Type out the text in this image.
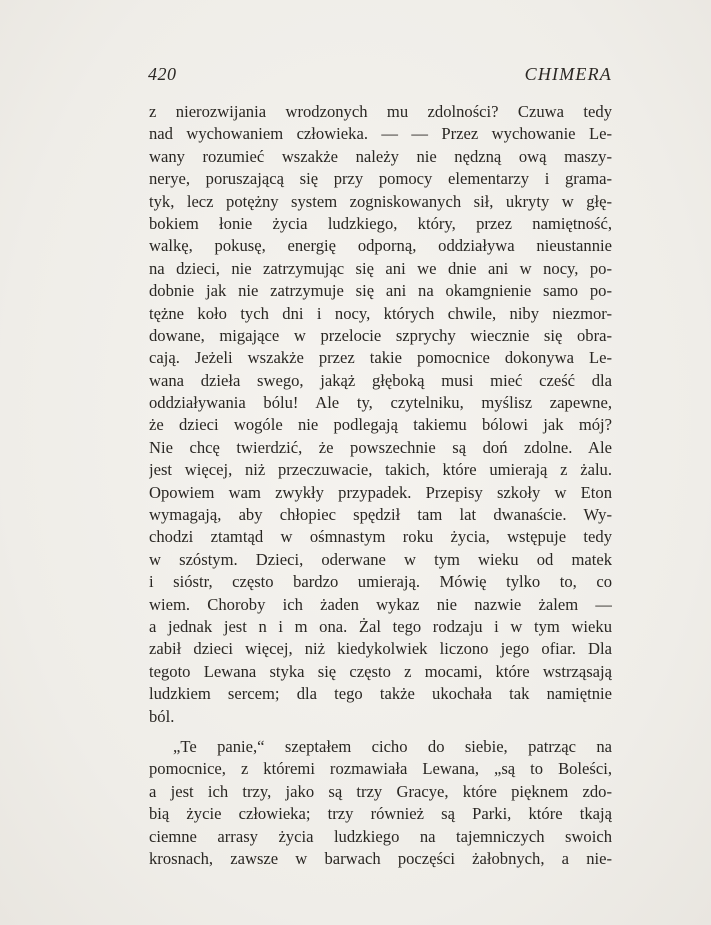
420	CHIMERA
z nierozwijania wrodzonych mu zdolności? Czuwa tedy
nad wychowaniem człowieka. — — Przez wychowanie Le-
wany rozumieć wszakże należy nie nędzną ową maszy-
nerye, poruszającą się przy pomocy elementarzy i grama-
tyk, lecz potężny system zogniskowanych sił, ukryty w głę-
bokiem łonie życia ludzkiego, który, przez namiętność,
walkę, pokusę, energię odporną, oddziaływa nieustannie
na dzieci, nie zatrzymując się ani we dnie ani w nocy, po-
dobnie jak nie zatrzymuje się ani na okamgnienie samo po-
tężne koło tych dni i nocy, których chwile, niby niezmor-
dowane, migające w przelocie szprychy wiecznie się obra-
cają. Jeżeli wszakże przez takie pomocnice dokonywa Le-
wana dzieła swego, jakąż głęboką musi mieć cześć dla
oddziaływania bólu! Ale ty, czytelniku, myślisz zapewne,
że dzieci wogóle nie podlegają takiemu bólowi jak mój?
Nie chcę twierdzić, że powszechnie są doń zdolne. Ale
jest więcej, niż przeczuwacie, takich, które umierają z żalu.
Opowiem wam zwykły przypadek. Przepisy szkoły w Eton
wymagają, aby chłopiec spędził tam lat dwanaście. Wy-
chodzi ztamtąd w ośmnastym roku życia, wstępuje tedy
w szóstym. Dzieci, oderwane w tym wieku od matek
i sióstr, często bardzo umierają. Mówię tylko to, co
wiem. Choroby ich żaden wykaz nie nazwie żalem —
a jednak jest n i m ona. Żal tego rodzaju i w tym wieku
zabił dzieci więcej, niż kiedykolwiek liczono jego ofiar. Dla
tegoto Lewana styka się często z mocami, które wstrząsają
ludzkiem sercem; dla tego także ukochała tak namiętnie
ból.
„Te panie,“ szeptałem cicho do siebie, patrząc na
pomocnice, z któremi rozmawiała Lewana, „są to Boleści,
a jest ich trzy, jako są trzy Gracye, które pięknem zdo-
bią życie człowieka; trzy również są Parki, które tkają
ciemne arrasy życia ludzkiego na tajemniczych swoich
krosnach, zawsze w barwach poczęści żałobnych, a nie-
